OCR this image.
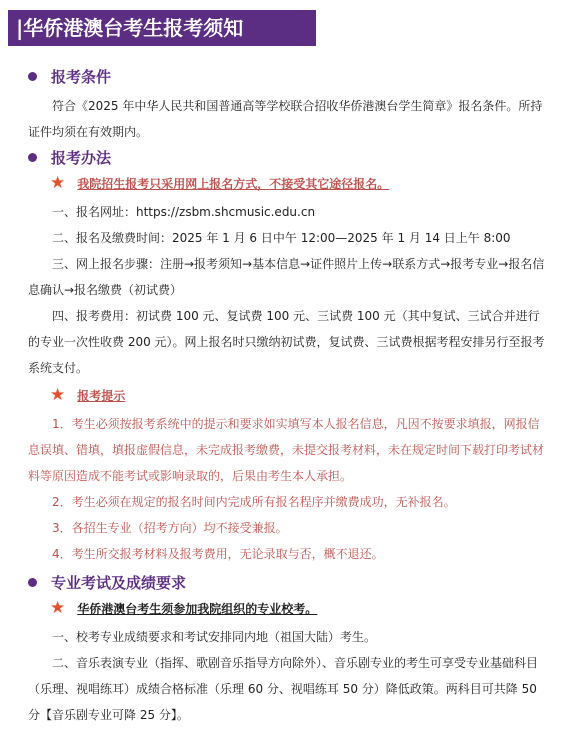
|华侨港澳台考生报考须知
报考条件

符合《2025 年中华人民共和国普通高等学校联合招收华侨港澳台学生简章》报名条件。所持证件均须在有效期内。

报考办法
★ 我院招生报考只采用网上报名方式，不接受其它途径报名。

一、报名网址：https://zsbm.shcmusic.edu.cn

二、报名及缴费时间：2025 年 1 月 6 日中午 12:00—2025 年 1 月 14 日上午 8:00

三、网上报名步骤：注册→报考须知→基本信息→证件照片上传→联系方式→报考专业→报名信息确认→报名缴费（初试费）

四、报考费用：初试费 100 元、复试费 100 元、三试费 100 元（其中复试、三试合并进行的专业一次性收费 200 元）。网上报名时只缴纳初试费，复试费、三试费根据考程安排另行至报考系统支付。

★ 报考提示

1．考生必须按报考系统中的提示和要求如实填写本人报名信息，凡因不按要求填报，网报信息误填、错填，填报虚假信息，未完成报考缴费，未提交报考材料，未在规定时间下载打印考试材料等原因造成不能考试或影响录取的，后果由考生本人承担。

2．考生必须在规定的报名时间内完成所有报名程序并缴费成功，无补报名。

3．各招生专业（招考方向）均不接受兼报。

4．考生所交报考材料及报考费用，无论录取与否，概不退还。

专业考试及成绩要求
★ 华侨港澳台考生须参加我院组织的专业校考。

一、校考专业成绩要求和考试安排同内地（祖国大陆）考生。

二、音乐表演专业（指挥、歌剧音乐指导方向除外）、音乐剧专业的考生可享受专业基础科目（乐理、视唱练耳）成绩合格标准（乐理 60 分、视唱练耳 50 分）降低政策。两科目可共降 50 分【音乐剧专业可降 25 分】。
